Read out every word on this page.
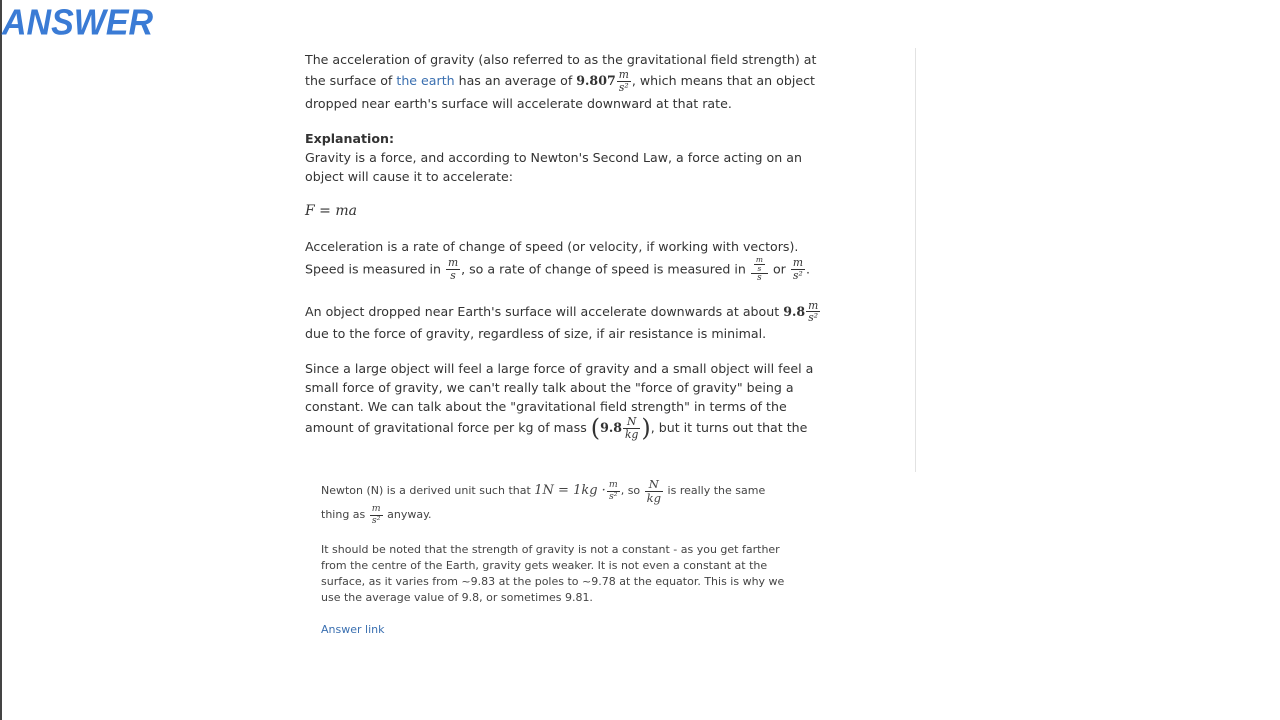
ANSWER

The acceleration of gravity (also referred to as the gravitational field strength) at the surface of the earth has an average of $9.807 \frac{m}{\text{s²}}$ , which means that an object dropped near earth's surface will accelerate downward at that rate.

Explanation:

Gravity is a force, and according to Newton's Second Law, a force acting on an object will cause it to accelerate:

F = ma

Acceleration is a rate of change of speed (or velocity, if working with vectors).
Speed is measured in $\frac{m}{s}$ , so a rate of change of speed is measured in $\frac{\frac{m}{s}}{s}$ or $\frac{m}{\text{s²}}$ .

An object dropped near Earth's surface will accelerate downwards at about $9.8 \frac{m}{\text{s²}}$

due to the force of gravity, regardless of size, if air resistance is minimal.

Since a large object will feel a large force of gravity and a small object will feel a small force of gravity, we can't really talk about the "force of gravity" being a constant. We can talk about the "gravitational field strength" in terms of the amount of gravitational force per kg of mass ($9.8 \frac{N}{kg}$ ), but it turns out that the

Newton (N) is a derived unit such that $1N = 1kg \cdot \frac{m}{\text{s²}}$ , so $\frac{N}{kg}$ is really the same thing as $\frac{m}{\text{s²}}$ anyway.

It should be noted that the strength of gravity is not a constant - as you get farther from the centre of the Earth, gravity gets weaker. It is not even a constant at the surface, as it varies from ~9.83 at the poles to ~9.78 at the equator. This is why we use the average value of 9.8, or sometimes 9.81.

Answer link
